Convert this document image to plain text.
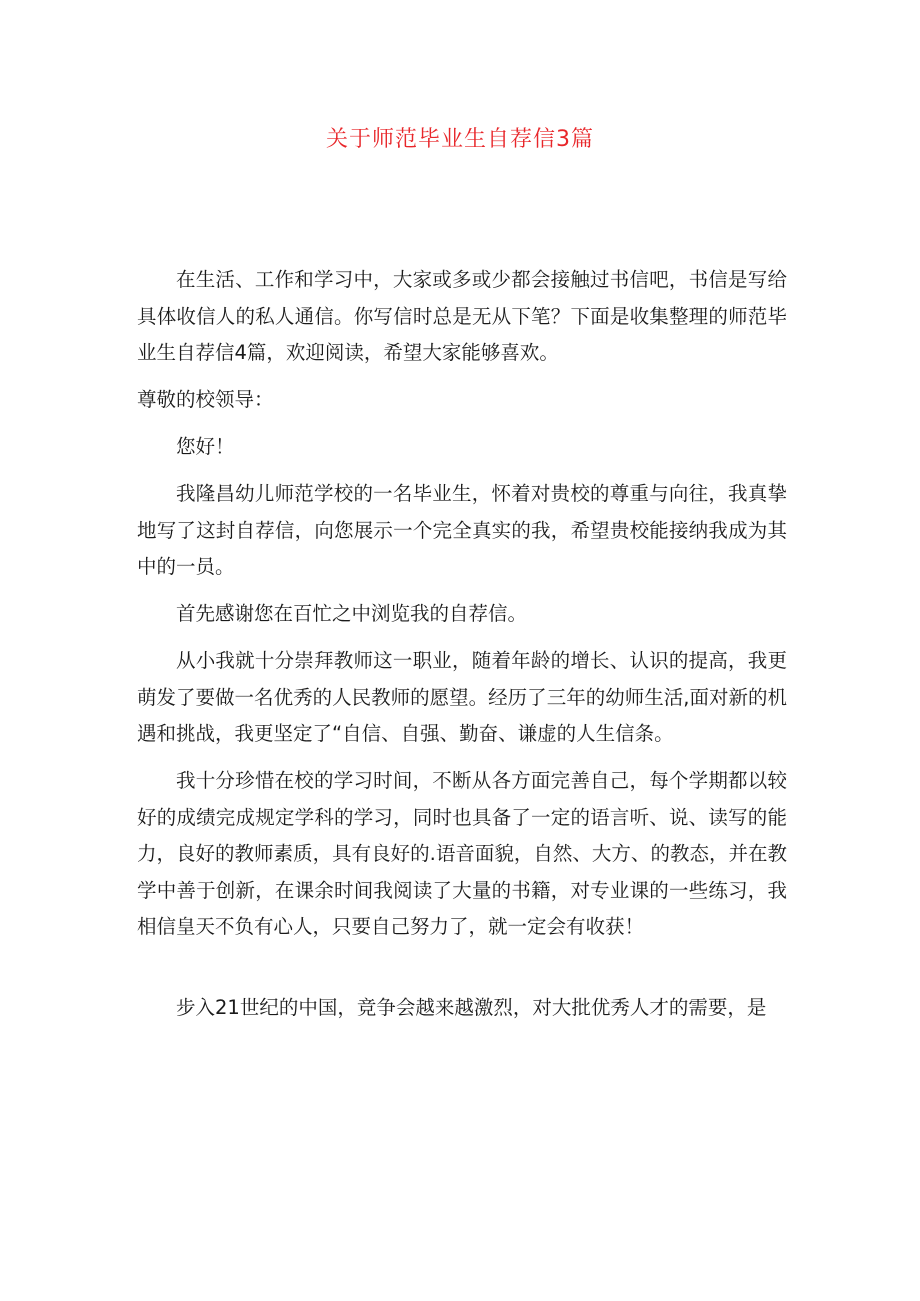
关于师范毕业生自荐信3篇

在生活、工作和学习中，大家或多或少都会接触过书信吧，书信是写给具体收信人的私人通信。你写信时总是无从下笔？下面是收集整理的师范毕业生自荐信4篇，欢迎阅读，希望大家能够喜欢。

尊敬的校领导：

您好！

我隆昌幼儿师范学校的一名毕业生，怀着对贵校的尊重与向往，我真挚地写了这封自荐信，向您展示一个完全真实的我，希望贵校能接纳我成为其中的一员。

首先感谢您在百忙之中浏览我的自荐信。

从小我就十分崇拜教师这一职业，随着年龄的增长、认识的提高，我更萌发了要做一名优秀的人民教师的愿望。经历了三年的幼师生活,面对新的机遇和挑战，我更坚定了“自信、自强、勤奋、谦虚的人生信条。

我十分珍惜在校的学习时间，不断从各方面完善自己，每个学期都以较好的成绩完成规定学科的学习，同时也具备了一定的语言听、说、读写的能力，良好的教师素质，具有良好的.语音面貌，自然、大方、的教态，并在教学中善于创新，在课余时间我阅读了大量的书籍，对专业课的一些练习，我相信皇天不负有心人，只要自己努力了，就一定会有收获！

步入21世纪的中国，竞争会越来越激烈，对大批优秀人才的需要，是
